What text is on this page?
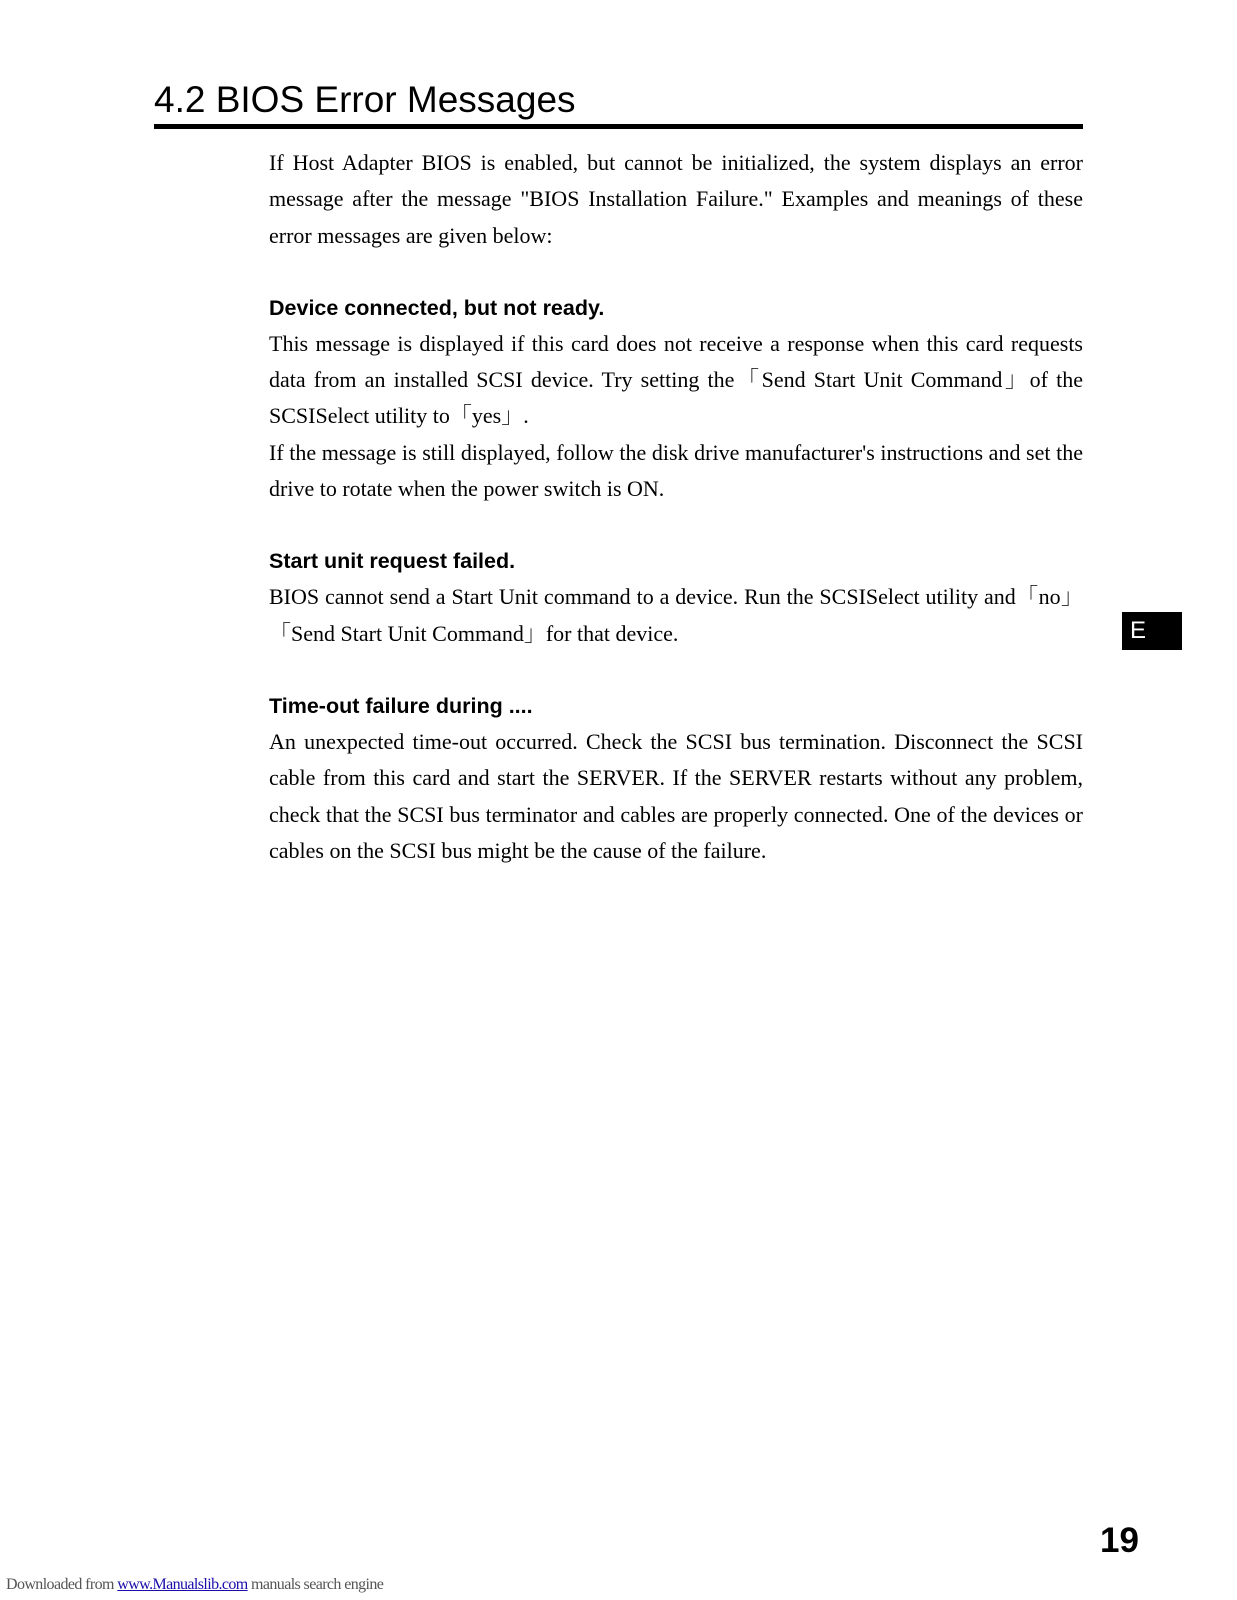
4.2 BIOS Error Messages

If Host Adapter BIOS is enabled, but cannot be initialized, the system displays an error message after the message "BIOS Installation Failure." Examples and meanings of these error messages are given below:

Device connected, but not ready.

This message is displayed if this card does not receive a response when this card requests data from an installed SCSI device. Try setting the「Send Start Unit Command」of the SCSISelect utility to「yes」.

If the message is still displayed, follow the disk drive manufacturer's instructions and set the drive to rotate when the power switch is ON.

Start unit request failed.

BIOS cannot send a Start Unit command to a device. Run the SCSISelect utility and「no」「Send Start Unit Command」for that device.

Time-out failure during ....

An unexpected time-out occurred. Check the SCSI bus termination. Disconnect the SCSI cable from this card and start the SERVER. If the SERVER restarts without any problem, check that the SCSI bus terminator and cables are properly connected. One of the devices or cables on the SCSI bus might be the cause of the failure.

E
19
Downloaded from www.Manualslib.com manuals search engine
